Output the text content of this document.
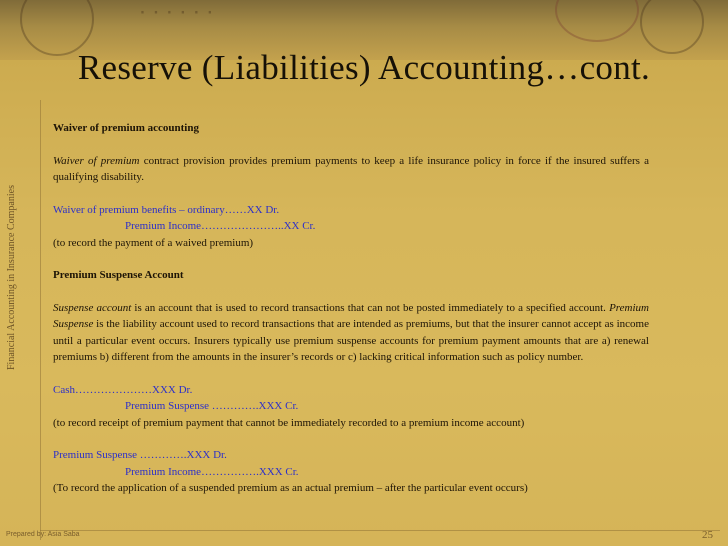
· · · · · ·
Reserve (Liabilities) Accounting…cont.
Financial Accounting in Insurance Companies

Waiver of premium accounting

Waiver of premium contract provision provides premium payments to keep a life insurance policy in force if the insured suffers a qualifying disability.

Waiver of premium benefits – ordinary……XX Dr.

Premium Income…………………..XX Cr.

(to record the payment of a waived premium)

Premium Suspense Account

Suspense account is an account that is used to record transactions that can not be posted immediately to a specified account. Premium Suspense is the liability account used to record transactions that are intended as premiums, but that the insurer cannot accept as income until a particular event occurs. Insurers typically use premium suspense accounts for premium payment amounts that are a) renewal premiums b) different from the amounts in the insurer’s records or c) lacking critical information such as policy number.

Cash…………………XXX Dr.

Premium Suspense ………….XXX Cr.

(to record receipt of premium payment that cannot be immediately recorded to a premium income account)

Premium Suspense ………….XXX Dr.

Premium Income…………….XXX Cr.

(To record the application of a suspended premium as an actual premium – after the particular event occurs)

Prepared by: Asia Saba	25
